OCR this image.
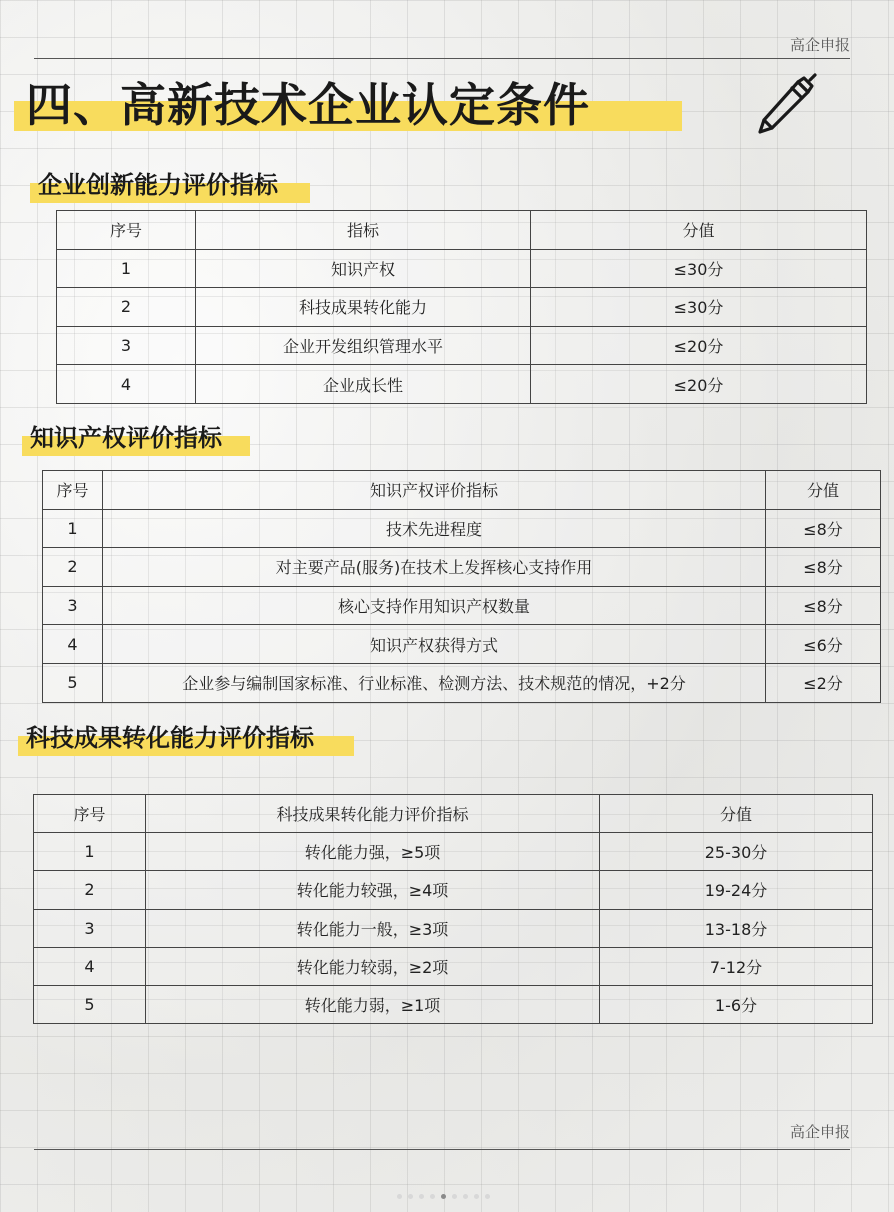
高企申报
四、高新技术企业认定条件
企业创新能力评价指标
序号	指标	分值
1	知识产权	≤30分
2	科技成果转化能力	≤30分
3	企业开发组织管理水平	≤20分
4	企业成长性	≤20分
知识产权评价指标
序号	知识产权评价指标	分值
1	技术先进程度	≤8分
2	对主要产品(服务)在技术上发挥核心支持作用	≤8分
3	核心支持作用知识产权数量	≤8分
4	知识产权获得方式	≤6分
5	企业参与编制国家标准、行业标准、检测方法、技术规范的情况，+2分	≤2分
科技成果转化能力评价指标
序号	科技成果转化能力评价指标	分值
1	转化能力强，≥5项	25-30分
2	转化能力较强，≥4项	19-24分
3	转化能力一般，≥3项	13-18分
4	转化能力较弱，≥2项	7-12分
5	转化能力弱，≥1项	1-6分
高企申报
